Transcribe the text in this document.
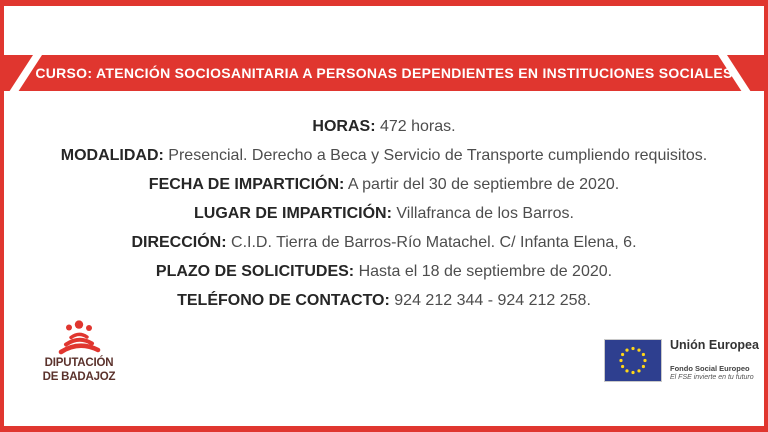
CURSO: ATENCIÓN SOCIOSANITARIA A PERSONAS DEPENDIENTES EN INSTITUCIONES SOCIALES
HORAS: 472 horas.
MODALIDAD: Presencial. Derecho a Beca y Servicio de Transporte cumpliendo requisitos.
FECHA DE IMPARTICIÓN: A partir del 30 de septiembre de 2020.
LUGAR DE IMPARTICIÓN: Villafranca de los Barros.
DIRECCIÓN: C.I.D. Tierra de Barros-Río Matachel. C/ Infanta Elena, 6.
PLAZO DE SOLICITUDES: Hasta el 18 de septiembre de 2020.
TELÉFONO DE CONTACTO: 924 212 344 - 924 212 258.
DIPUTACIÓN
DE BADAJOZ
Unión Europea
Fondo Social Europeo
El FSE invierte en tu futuro
